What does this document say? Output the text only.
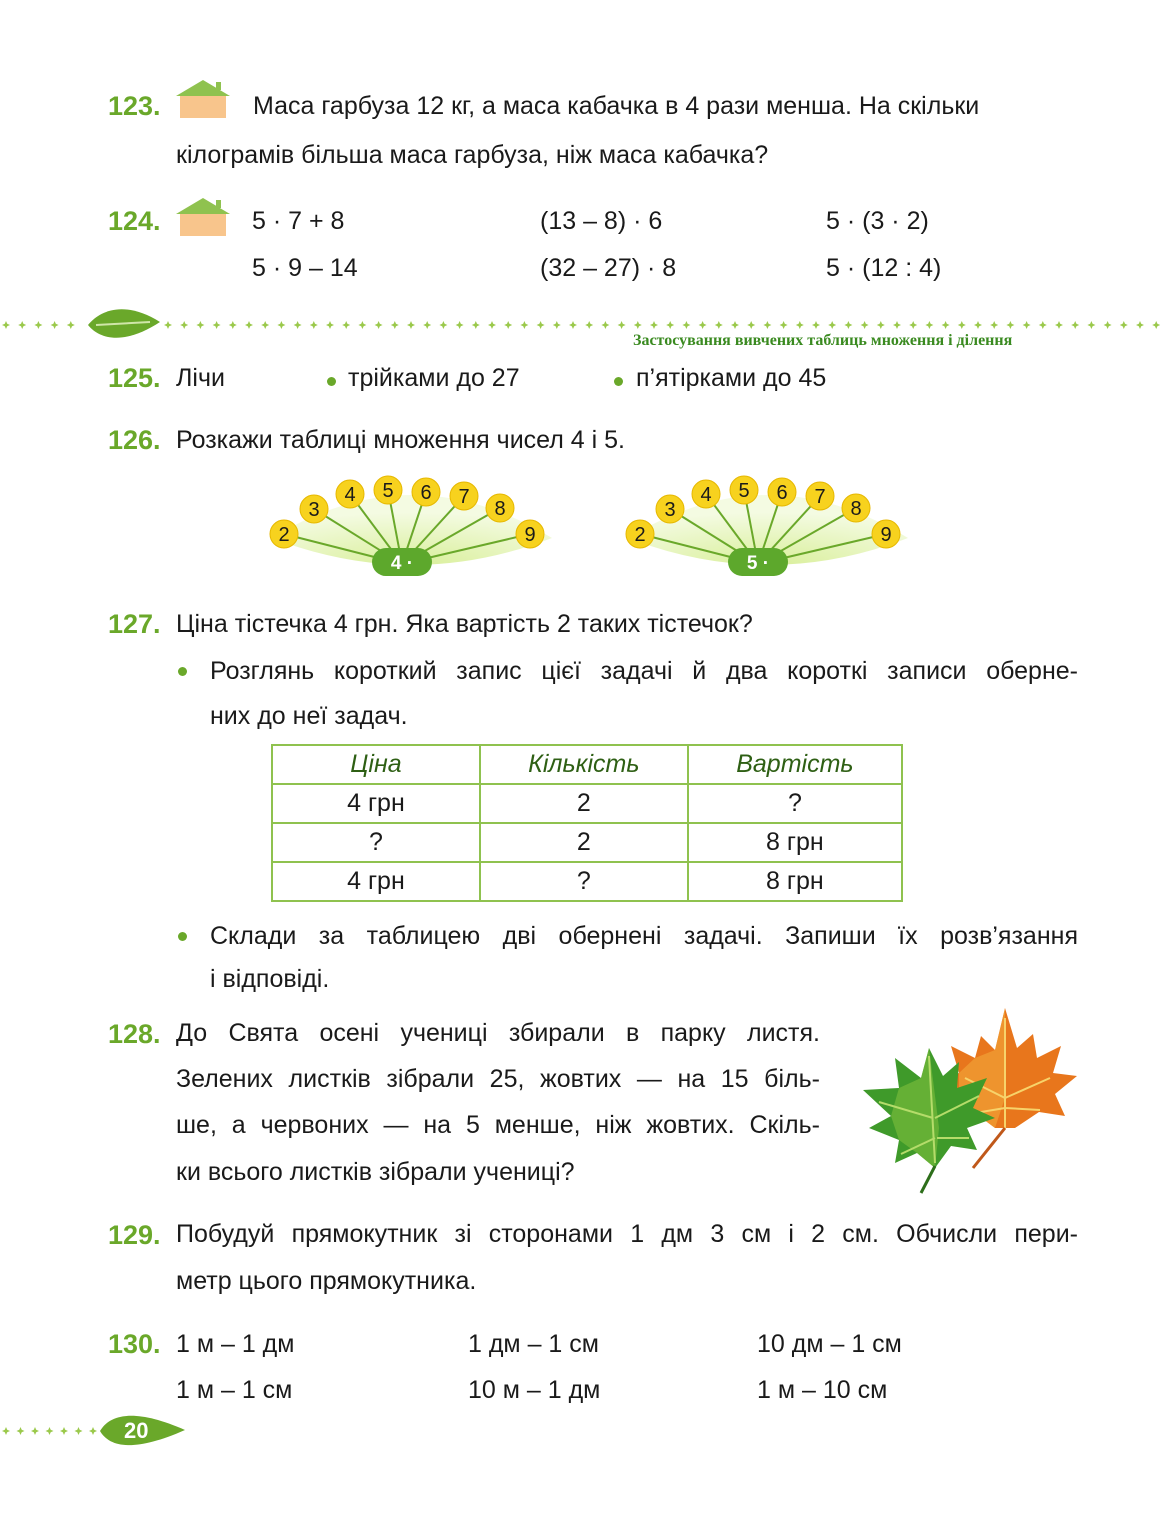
123.	Маса гарбуза 12 кг, а маса кабачка в 4 рази менша. На скільки
кілограмів більша маса гарбуза, ніж маса кабачка?
124.	5 · 7 + 8	(13 – 8) · 6	5 · (3 · 2)
5 · 9 – 14	(32 – 27) · 8	5 · (12 : 4)
Застосування вивчених таблиць множення і ділення
125. Лічи	трійками до 27	п’ятірками до 45
126. Розкажи таблиці множення чисел 4 і 5.
2
3
4 5 6 7
8
9
4 ·
2
3
4 5 6 7
8
9
5 ·
127. Ціна тістечка 4 грн. Яка вартість 2 таких тістечок?
Розглянь короткий запис цієї задачі й два короткі записи оберне-
них до неї задач.
Ціна	Кількість	Вартість
4 грн	2	?
?	2	8 грн
4 грн	?	8 грн
Склади за таблицею дві обернені задачі. Запиши їх розв’язання
і відповіді.
128. До Свята осені учениці збирали в парку листя.
Зелених листків зібрали 25, жовтих — на 15 біль-
ше, а червоних — на 5 менше, ніж жовтих. Скіль-
ки всього листків зібрали учениці?
129. Побудуй прямокутник зі сторонами 1 дм 3 см і 2 см. Обчисли пери-
метр цього прямокутника.
130. 1 м – 1 дм	1 дм – 1 см	10 дм – 1 см
1 м – 1 см	10 м – 1 дм	1 м – 10 см
20
